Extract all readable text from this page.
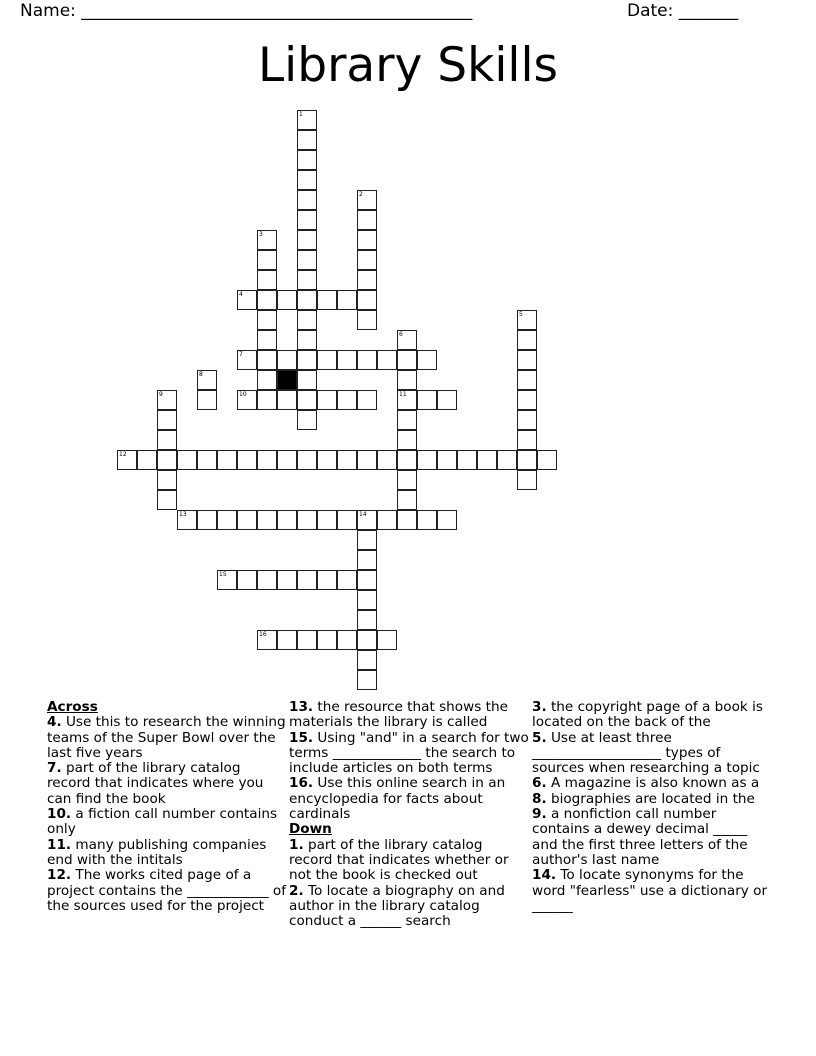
Name: ______________________________________________	Date: _______
Library Skills
1
2
3
4
5
6
11
7
8
9	10
12
13	14
15
16
Across
4. Use this to research the winning teams of the Super Bowl over the last five years
7. part of the library catalog record that indicates where you can find the book
10. a fiction call number contains only
11. many publishing companies end with the intitals
12. The works cited page of a project contains the ____________ of the sources used for the project
13. the resource that shows the materials the library is called
15. Using "and" in a search for two terms _____________ the search to include articles on both terms
16. Use this online search in an encyclopedia for facts about cardinals
Down
1. part of the library catalog record that indicates whether or not the book is checked out
2. To locate a biography on and author in the library catalog conduct a ______ search
3. the copyright page of a book is located on the back of the
5. Use at least three ___________________ types of sources when researching a topic
6. A magazine is also known as a
8. biographies are located in the
9. a nonfiction call number contains a dewey decimal _____ and the first three letters of the author's last name
14. To locate synonyms for the word "fearless" use a dictionary or ______
